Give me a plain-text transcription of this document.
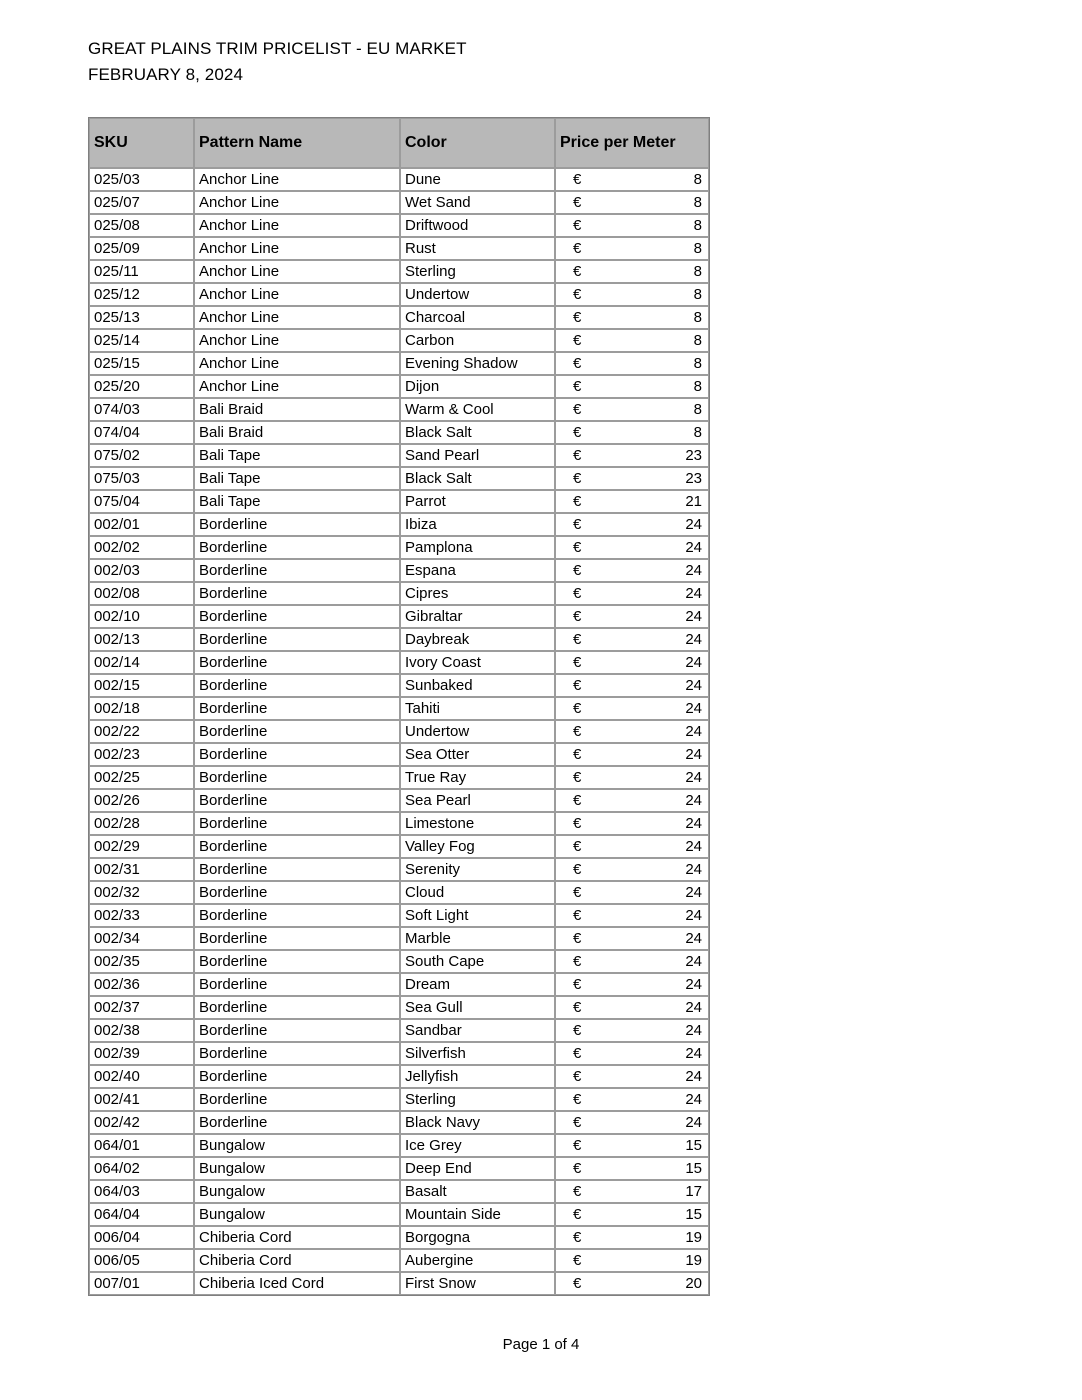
GREAT PLAINS TRIM PRICELIST - EU MARKET
FEBRUARY 8, 2024
SKU	Pattern Name	Color	Price per Meter
025/03	Anchor Line	Dune	€ 8

025/07	Anchor Line	Wet Sand	€ 8

025/08	Anchor Line	Driftwood	€ 8

025/09	Anchor Line	Rust	€ 8

025/11	Anchor Line	Sterling	€ 8

025/12	Anchor Line	Undertow	€ 8

025/13	Anchor Line	Charcoal	€ 8

025/14	Anchor Line	Carbon	€ 8

025/15	Anchor Line	Evening Shadow	€ 8

025/20	Anchor Line	Dijon	€ 8

074/03	Bali Braid	Warm & Cool	€ 8

074/04	Bali Braid	Black Salt	€ 8

075/02	Bali Tape	Sand Pearl	€ 23

075/03	Bali Tape	Black Salt	€ 23

075/04	Bali Tape	Parrot	€ 21

002/01	Borderline	Ibiza	€ 24

002/02	Borderline	Pamplona	€ 24

002/03	Borderline	Espana	€ 24

002/08	Borderline	Cipres	€ 24

002/10	Borderline	Gibraltar	€ 24

002/13	Borderline	Daybreak	€ 24

002/14	Borderline	Ivory Coast	€ 24

002/15	Borderline	Sunbaked	€ 24

002/18	Borderline	Tahiti	€ 24

002/22	Borderline	Undertow	€ 24

002/23	Borderline	Sea Otter	€ 24

002/25	Borderline	True Ray	€ 24

002/26	Borderline	Sea Pearl	€ 24

002/28	Borderline	Limestone	€ 24

002/29	Borderline	Valley Fog	€ 24

002/31	Borderline	Serenity	€ 24

002/32	Borderline	Cloud	€ 24

002/33	Borderline	Soft Light	€ 24

002/34	Borderline	Marble	€ 24

002/35	Borderline	South Cape	€ 24

002/36	Borderline	Dream	€ 24

002/37	Borderline	Sea Gull	€ 24

002/38	Borderline	Sandbar	€ 24

002/39	Borderline	Silverfish	€ 24

002/40	Borderline	Jellyfish	€ 24

002/41	Borderline	Sterling	€ 24

002/42	Borderline	Black Navy	€ 24

064/01	Bungalow	Ice Grey	€ 15

064/02	Bungalow	Deep End	€ 15

064/03	Bungalow	Basalt	€ 17

064/04	Bungalow	Mountain Side	€ 15

006/04	Chiberia Cord	Borgogna	€ 19

006/05	Chiberia Cord	Aubergine	€ 19

007/01	Chiberia Iced Cord	First Snow	€ 20
Page 1 of 4
